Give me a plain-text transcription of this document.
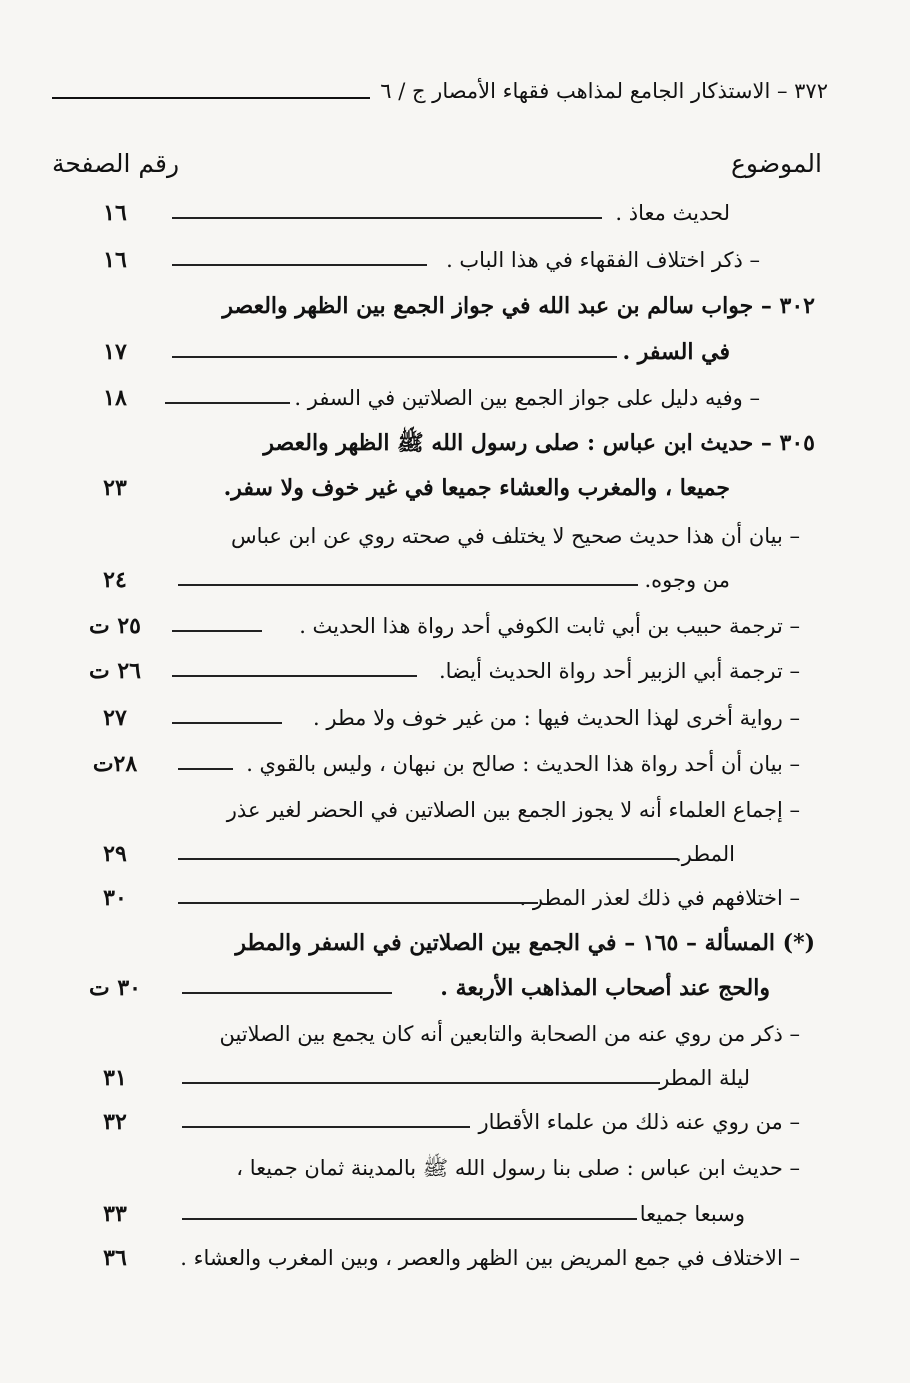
٣٧٢ – الاستذكار الجامع لمذاهب فقهاء الأمصار ج / ٦
الموضوع
رقم الصفحة
لحديث معاذ .
١٦
– ذكر اختلاف الفقهاء في هذا الباب .
١٦
٣٠٢ – جواب سالم بن عبد الله في جواز الجمع بين الظهر والعصر
في السفر .
١٧
– وفيه دليل على جواز الجمع بين الصلاتين في السفر .
١٨
٣٠٥ – حديث ابن عباس : صلى رسول الله ﷺ الظهر والعصر
جميعا ، والمغرب والعشاء جميعا في غير خوف ولا سفر.
٢٣
– بيان أن هذا حديث صحيح لا يختلف في صحته روي عن ابن عباس
من وجوه.
٢٤
– ترجمة حبيب بن أبي ثابت الكوفي أحد رواة هذا الحديث .
٢٥ ت
– ترجمة أبي الزبير أحد رواة الحديث أيضا.
٢٦ ت
– رواية أخرى لهذا الحديث فيها : من غير خوف ولا مطر .
٢٧
– بيان أن أحد رواة هذا الحديث : صالح بن نبهان ، وليس بالقوي .
٢٨ت
– إجماع العلماء أنه لا يجوز الجمع بين الصلاتين في الحضر لغير عذر
المطر.
٢٩
– اختلافهم في ذلك لعذر المطر .
٣٠
(*) المسألة – ١٦٥ – في الجمع بين الصلاتين في السفر والمطر
والحج عند أصحاب المذاهب الأربعة .
٣٠ ت
– ذكر من روي عنه من الصحابة والتابعين أنه كان يجمع بين الصلاتين
ليلة المطر
٣١
– من روي عنه ذلك من علماء الأقطار
٣٢
– حديث ابن عباس : صلى بنا رسول الله ﷺ بالمدينة ثمان جميعا ،
وسبعا جميعا
٣٣
– الاختلاف في جمع المريض بين الظهر والعصر ، وبين المغرب والعشاء .
٣٦
